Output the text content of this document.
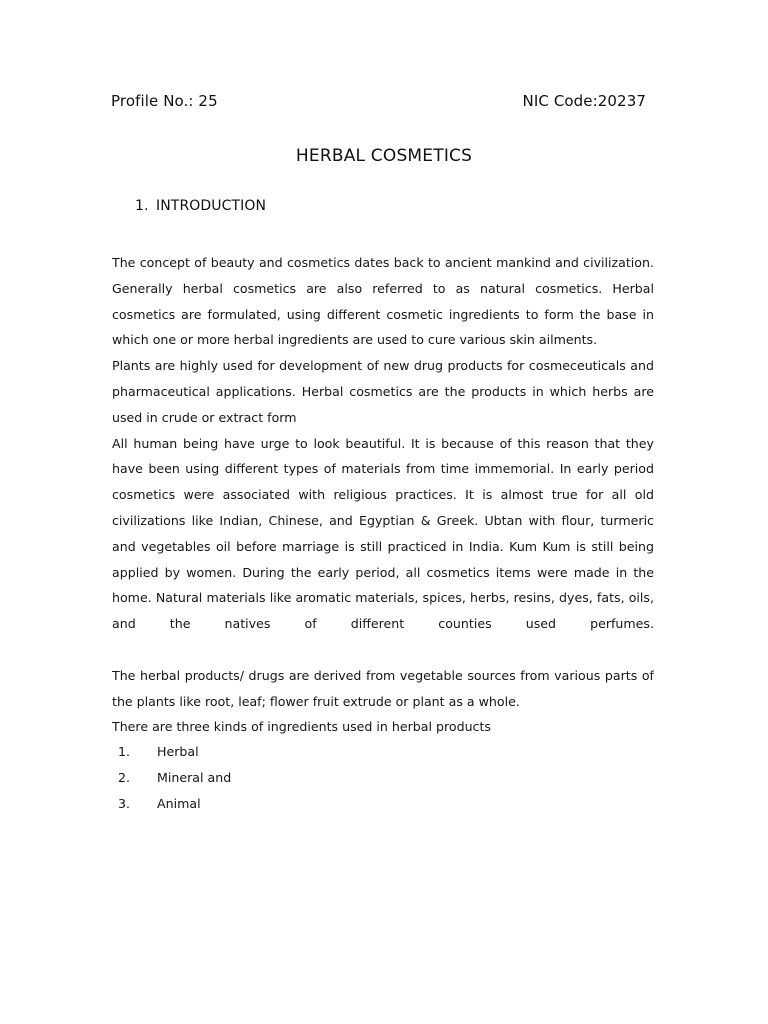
Profile No.: 25	NIC Code:20237
HERBAL COSMETICS
1. INTRODUCTION

The concept of beauty and cosmetics dates back to ancient mankind and civilization. Generally herbal cosmetics are also referred to as natural cosmetics. Herbal cosmetics are formulated, using different cosmetic ingredients to form the base in which one or more herbal ingredients are used to cure various skin ailments.

Plants are highly used for development of new drug products for cosmeceuticals and pharmaceutical applications. Herbal cosmetics are the products in which herbs are used in crude or extract form

All human being have urge to look beautiful. It is because of this reason that they have been using different types of materials from time immemorial. In early period cosmetics were associated with religious practices. It is almost true for all old civilizations like Indian, Chinese, and Egyptian & Greek. Ubtan with flour, turmeric and vegetables oil before marriage is still practiced in India. Kum Kum is still being applied by women. During the early period, all cosmetics items were made in the home. Natural materials like aromatic materials, spices, herbs, resins, dyes, fats, oils, and the natives of different counties used perfumes.

The herbal products/ drugs are derived from vegetable sources from various parts of the plants like root, leaf; flower fruit extrude or plant as a whole.

There are three kinds of ingredients used in herbal products

1. Herbal
2. Mineral and
3. Animal
